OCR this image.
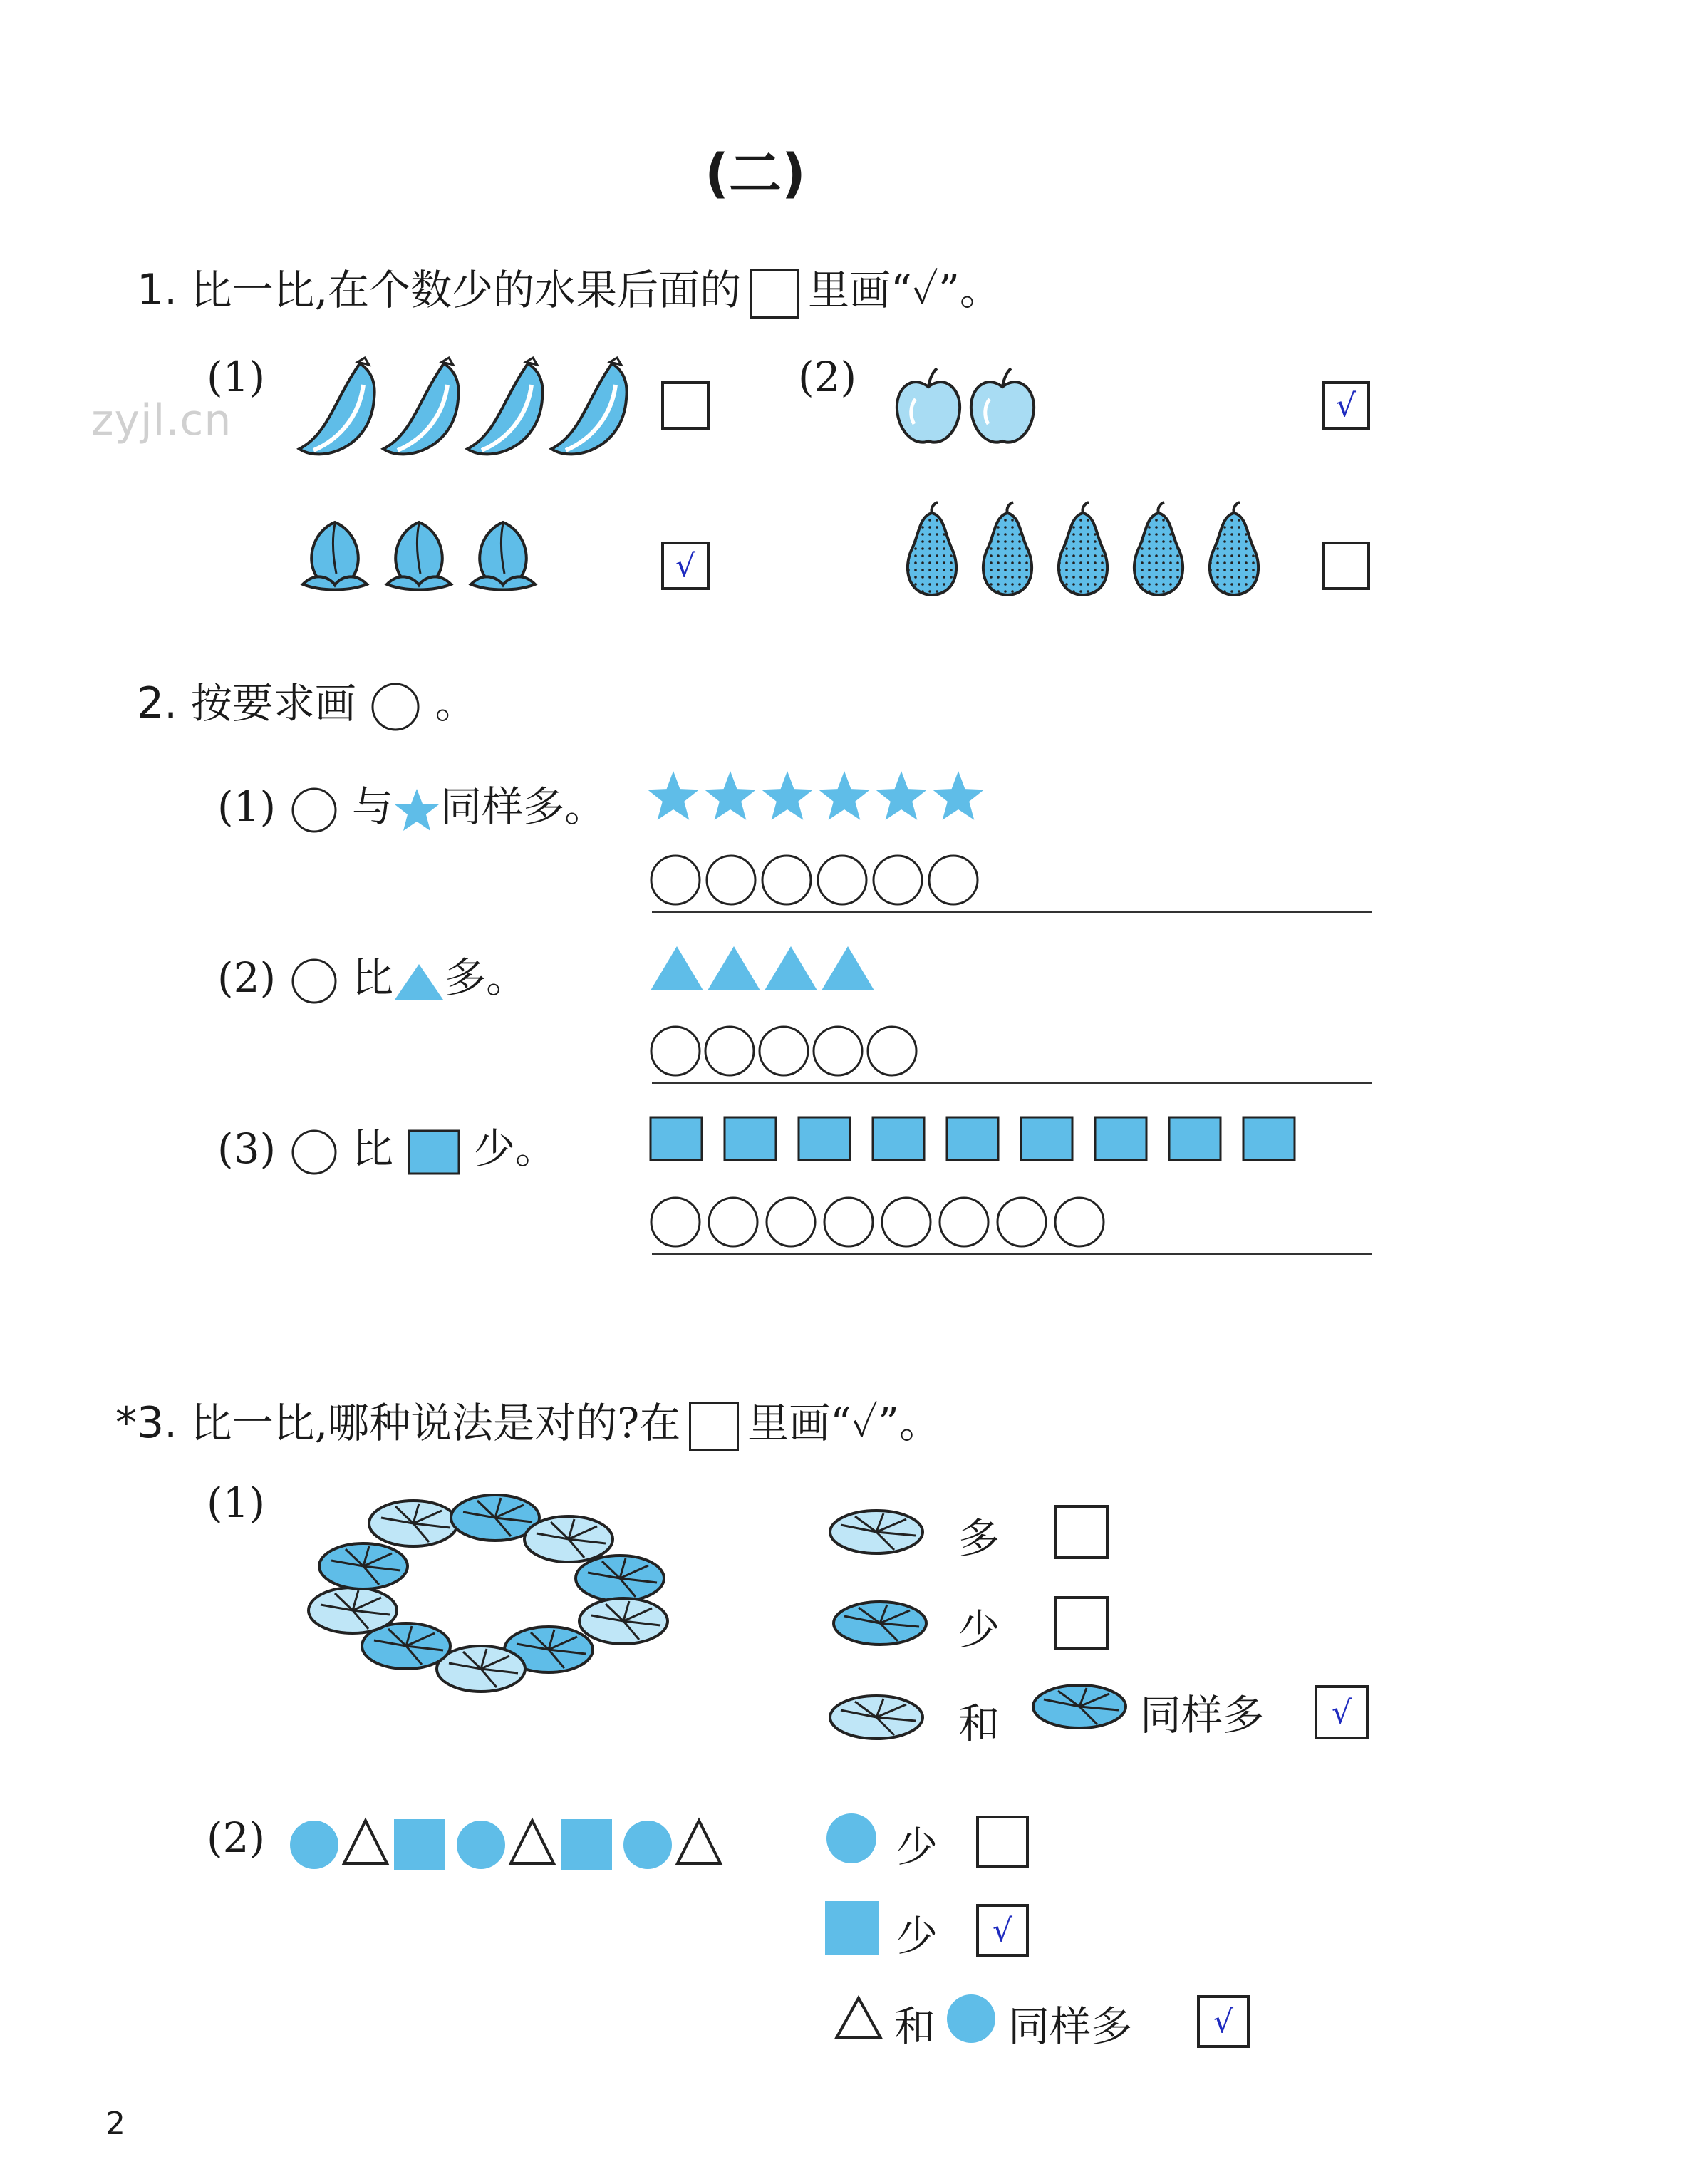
(二)
zyjl.cn
1. 比一比,在个数少的水果后面的 里画“✓”。
(1)	(2)
√
√
2. 按要求画 。
(1) 与 同样多。
(2) 比 多。
(3) 比 少。
*3. 比一比,哪种说法是对的?在 里画“✓”。
(1)
多
少
和	同样多	√
(2)	少
少	√
和 同样多	√
2
